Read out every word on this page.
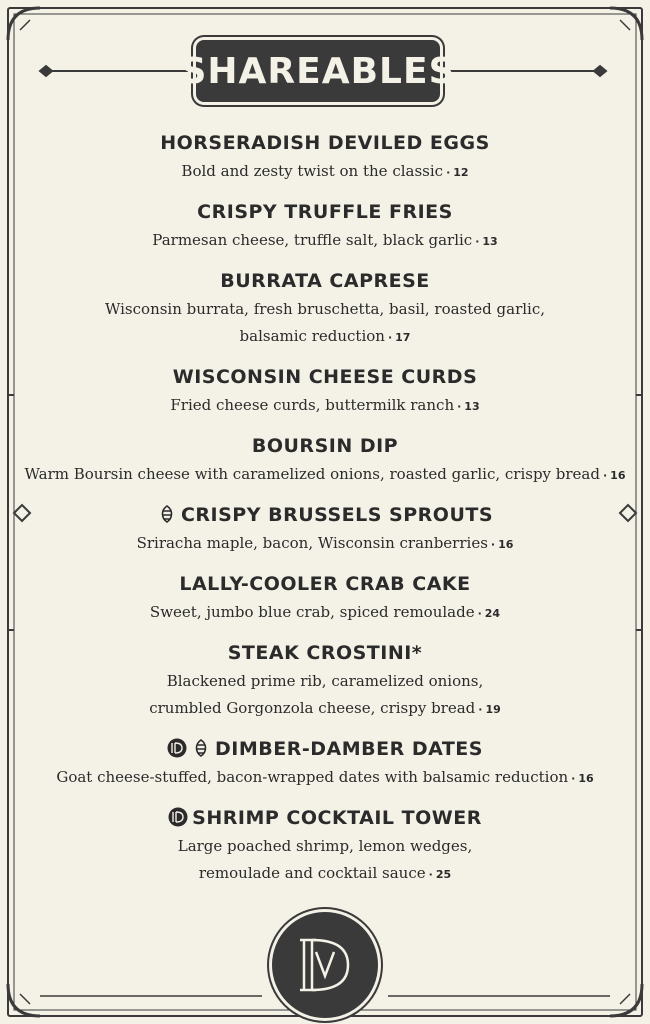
SHAREABLES
HORSERADISH DEVILED EGGS

Bold and zesty twist on the classic · 12

CRISPY TRUFFLE FRIES

Parmesan cheese, truffle salt, black garlic · 13

BURRATA CAPRESE

Wisconsin burrata, fresh bruschetta, basil, roasted garlic,

balsamic reduction · 17

WISCONSIN CHEESE CURDS

Fried cheese curds, buttermilk ranch · 13

BOURSIN DIP

Warm Boursin cheese with caramelized onions, roasted garlic, crispy bread · 16

CRISPY BRUSSELS SPROUTS

Sriracha maple, bacon, Wisconsin cranberries · 16

LALLY-COOLER CRAB CAKE

Sweet, jumbo blue crab, spiced remoulade · 24

STEAK CROSTINI*

Blackened prime rib, caramelized onions,

crumbled Gorgonzola cheese, crispy bread · 19

DIMBER-DAMBER DATES

Goat cheese-stuffed, bacon-wrapped dates with balsamic reduction · 16

SHRIMP COCKTAIL TOWER

Large poached shrimp, lemon wedges,

remoulade and cocktail sauce · 25
